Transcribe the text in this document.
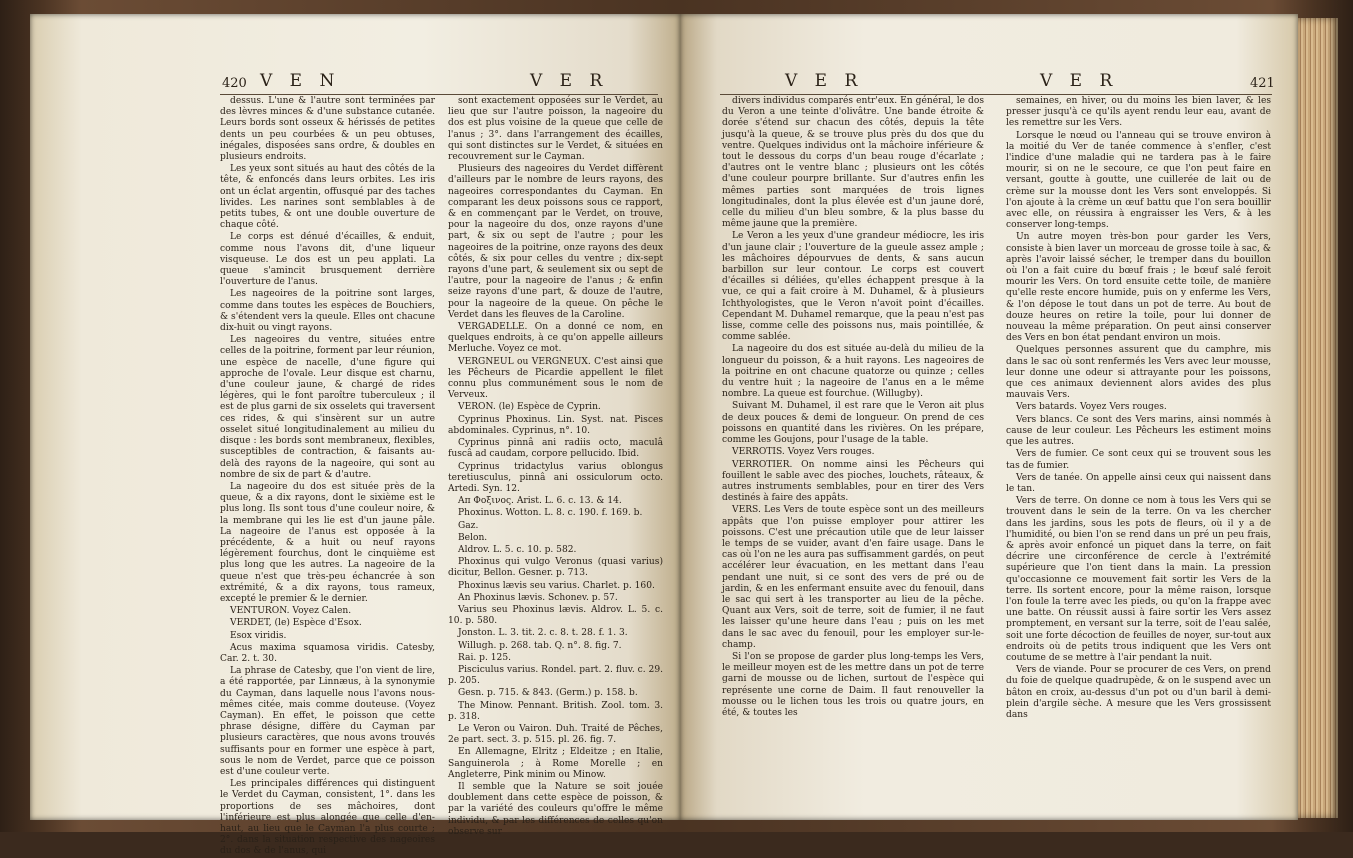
420 V E N	V E R

dessus. L'une & l'autre sont terminées par des lèvres minces & d'une substance cutanée. Leurs bords sont osseux & hérissés de petites dents un peu courbées & un peu obtuses, inégales, disposées sans ordre, & doubles en plusieurs endroits.

Les yeux sont situés au haut des côtés de la tête, & enfoncés dans leurs orbites. Les iris ont un éclat argentin, offusqué par des taches livides. Les narines sont semblables à de petits tubes, & ont une double ouverture de chaque côté.

Le corps est dénué d'écailles, & enduit, comme nous l'avons dit, d'une liqueur visqueuse. Le dos est un peu applati. La queue s'amincit brusquement derrière l'ouverture de l'anus.

Les nageoires de la poitrine sont larges, comme dans toutes les espèces de Bouchiers, & s'étendent vers la queule. Elles ont chacune dix-huit ou vingt rayons.

Les nageoires du ventre, situées entre celles de la poitrine, forment par leur réunion, une espèce de nacelle, d'une figure qui approche de l'ovale. Leur disque est charnu, d'une couleur jaune, & chargé de rides légères, qui le font paroître tuberculeux ; il est de plus garni de six osselets qui traversent ces rides, & qui s'insèrent sur un autre osselet situé longitudinalement au milieu du disque : les bords sont membraneux, flexibles, susceptibles de contraction, & faisants au-delà des rayons de la nageoire, qui sont au nombre de six de part & d'autre.

La nageoire du dos est située près de la queue, & a dix rayons, dont le sixième est le plus long. Ils sont tous d'une couleur noire, & la membrane qui les lie est d'un jaune pâle. La nageoire de l'anus est opposée à la précédente, & a huit ou neuf rayons légèrement fourchus, dont le cinquième est plus long que les autres. La nageoire de la queue n'est que très-peu échancrée à son extrémité, & a dix rayons, tous rameux, excepté le premier & le dernier.

VENTURON. Voyez Calen.

VERDET, (le) Espèce d'Esox.

Esox viridis.

Acus maxima squamosa viridis. Catesby, Car. 2. t. 30.

La phrase de Catesby, que l'on vient de lire, a été rapportée, par Linnæus, à la synonymie du Cayman, dans laquelle nous l'avons nous-mêmes citée, mais comme douteuse. (Voyez Cayman). En effet, le poisson que cette phrase désigne, diffère du Cayman par plusieurs caractères, que nous avons trouvés suffisants pour en former une espèce à part, sous le nom de Verdet, parce que ce poisson est d'une couleur verte.

Les principales différences qui distinguent le Verdet du Cayman, consistent, 1°. dans les proportions de ses mâchoires, dont l'inférieure est plus alongée que celle d'en-haut, au lieu que le Cayman l'a plus courte ; 2°. dans la situation respective des nageoires du dos & de l'anus, qui

sont exactement opposées sur le Verdet, au lieu que sur l'autre poisson, la nageoire du dos est plus voisine de la queue que celle de l'anus ; 3°. dans l'arrangement des écailles, qui sont distinctes sur le Verdet, & situées en recouvrement sur le Cayman.

Plusieurs des nageoires du Verdet diffèrent d'ailleurs par le nombre de leurs rayons, des nageoires correspondantes du Cayman. En comparant les deux poissons sous ce rapport, & en commençant par le Verdet, on trouve, pour la nageoire du dos, onze rayons d'une part, & six ou sept de l'autre ; pour les nageoires de la poitrine, onze rayons des deux côtés, & six pour celles du ventre ; dix-sept rayons d'une part, & seulement six ou sept de l'autre, pour la nageoire de l'anus ; & enfin seize rayons d'une part, & douze de l'autre, pour la nageoire de la queue. On pêche le Verdet dans les fleuves de la Caroline.

VERGADELLE. On a donné ce nom, en quelques endroits, à ce qu'on appelle ailleurs Merluche. Voyez ce mot.

VERGNEUL ou VERGNEUX. C'est ainsi que les Pêcheurs de Picardie appellent le filet connu plus communément sous le nom de Verveux.

VERON. (le) Espèce de Cyprin.

Cyprinus Phoxinus. Lin. Syst. nat. Pisces abdominales. Cyprinus, n°. 10.

Cyprinus pinnâ ani radiis octo, maculâ fuscâ ad caudam, corpore pellucido. Ibid.

Cyprinus tridactylus varius oblongus teretiusculus, pinnâ ani ossiculorum octo. Artedi. Syn. 12.

Aπ Φοξινος. Arist. L. 6. c. 13. & 14.

Phoxinus. Wotton. L. 8. c. 190. f. 169. b.

Gaz.

Belon.

Aldrov. L. 5. c. 10. p. 582.

Phoxinus qui vulgo Veronus (quasi varius) dicitur, Bellon. Gesner. p. 713.

Phoxinus lævis seu varius. Charlet. p. 160.

An Phoxinus lævis. Schonev. p. 57.

Varius seu Phoxinus lævis. Aldrov. L. 5. c. 10. p. 580.

Jonston. L. 3. tit. 2. c. 8. t. 28. f. 1. 3.

Willugh. p. 268. tab. Q. n°. 8. fig. 7.

Rai. p. 125.

Pisciculus varius. Rondel. part. 2. fluv. c. 29. p. 205.

Gesn. p. 715. & 843. (Germ.) p. 158. b.

The Minow. Pennant. British. Zool. tom. 3. p. 318.

Le Veron ou Vairon. Duh. Traité de Pêches, 2e part. sect. 3. p. 515. pl. 26. fig. 7.

En Allemagne, Elritz ; Eldeitze ; en Italie, Sanguinerola ; à Rome Morelle ; en Angleterre, Pink minim ou Minow.

Il semble que la Nature se soit jouée doublement dans cette espèce de poisson, & par la variété des couleurs qu'offre le même individu, & par les différences de celles qu'on observe sur

V E R	V E R	421

divers individus comparés entr'eux. En général, le dos du Veron a une teinte d'olivâtre. Une bande étroite & dorée s'étend sur chacun des côtés, depuis la tête jusqu'à la queue, & se trouve plus près du dos que du ventre. Quelques individus ont la mâchoire inférieure & tout le dessous du corps d'un beau rouge d'écarlate ; d'autres ont le ventre blanc ; plusieurs ont les côtés d'une couleur pourpre brillante. Sur d'autres enfin les mêmes parties sont marquées de trois lignes longitudinales, dont la plus élevée est d'un jaune doré, celle du milieu d'un bleu sombre, & la plus basse du même jaune que la première.

Le Veron a les yeux d'une grandeur médiocre, les iris d'un jaune clair ; l'ouverture de la gueule assez ample ; les mâchoires dépourvues de dents, & sans aucun barbillon sur leur contour. Le corps est couvert d'écailles si déliées, qu'elles échappent presque à la vue, ce qui a fait croire à M. Duhamel, & à plusieurs Ichthyologistes, que le Veron n'avoit point d'écailles. Cependant M. Duhamel remarque, que la peau n'est pas lisse, comme celle des poissons nus, mais pointillée, & comme sablée.

La nageoire du dos est située au-delà du milieu de la longueur du poisson, & a huit rayons. Les nageoires de la poitrine en ont chacune quatorze ou quinze ; celles du ventre huit ; la nageoire de l'anus en a le même nombre. La queue est fourchue. (Willugby).

Suivant M. Duhamel, il est rare que le Veron ait plus de deux pouces & demi de longueur. On prend de ces poissons en quantité dans les rivières. On les prépare, comme les Goujons, pour l'usage de la table.

VERROTIS. Voyez Vers rouges.

VERROTIER. On nomme ainsi les Pêcheurs qui fouillent le sable avec des pioches, louchets, râteaux, & autres instruments semblables, pour en tirer des Vers destinés à faire des appâts.

VERS. Les Vers de toute espèce sont un des meilleurs appâts que l'on puisse employer pour attirer les poissons. C'est une précaution utile que de leur laisser le temps de se vuider, avant d'en faire usage. Dans le cas où l'on ne les aura pas suffisamment gardés, on peut accélérer leur évacuation, en les mettant dans l'eau pendant une nuit, si ce sont des vers de pré ou de jardin, & en les enfermant ensuite avec du fenouil, dans le sac qui sert à les transporter au lieu de la pêche. Quant aux Vers, soit de terre, soit de fumier, il ne faut les laisser qu'une heure dans l'eau ; puis on les met dans le sac avec du fenouil, pour les employer sur-le-champ.

Si l'on se propose de garder plus long-temps les Vers, le meilleur moyen est de les mettre dans un pot de terre garni de mousse ou de lichen, surtout de l'espèce qui représente une corne de Daim. Il faut renouveller la mousse ou le lichen tous les trois ou quatre jours, en été, & toutes les

semaines, en hiver, ou du moins les bien laver, & les presser jusqu'à ce qu'ils ayent rendu leur eau, avant de les remettre sur les Vers.

Lorsque le nœud ou l'anneau qui se trouve environ à la moitié du Ver de tanée commence à s'enfler, c'est l'indice d'une maladie qui ne tardera pas à le faire mourir, si on ne le secoure, ce que l'on peut faire en versant, goutte à goutte, une cuillerée de lait ou de crème sur la mousse dont les Vers sont enveloppés. Si l'on ajoute à la crème un œuf battu que l'on sera bouillir avec elle, on réussira à engraisser les Vers, & à les conserver long-temps.

Un autre moyen très-bon pour garder les Vers, consiste à bien laver un morceau de grosse toile à sac, & après l'avoir laissé sécher, le tremper dans du bouillon où l'on a fait cuire du bœuf frais ; le bœuf salé feroit mourir les Vers. On tord ensuite cette toile, de manière qu'elle reste encore humide, puis on y enferme les Vers, & l'on dépose le tout dans un pot de terre. Au bout de douze heures on retire la toile, pour lui donner de nouveau la même préparation. On peut ainsi conserver des Vers en bon état pendant environ un mois.

Quelques personnes assurent que du camphre, mis dans le sac où sont renfermés les Vers avec leur mousse, leur donne une odeur si attrayante pour les poissons, que ces animaux deviennent alors avides des plus mauvais Vers.

Vers batards. Voyez Vers rouges.

Vers blancs. Ce sont des Vers marins, ainsi nommés à cause de leur couleur. Les Pêcheurs les estiment moins que les autres.

Vers de fumier. Ce sont ceux qui se trouvent sous les tas de fumier.

Vers de tanée. On appelle ainsi ceux qui naissent dans le tan.

Vers de terre. On donne ce nom à tous les Vers qui se trouvent dans le sein de la terre. On va les chercher dans les jardins, sous les pots de fleurs, où il y a de l'humidité, ou bien l'on se rend dans un pré un peu frais, & après avoir enfoncé un piquet dans la terre, on fait décrire une circonférence de cercle à l'extrémité supérieure que l'on tient dans la main. La pression qu'occasionne ce mouvement fait sortir les Vers de la terre. Ils sortent encore, pour la même raison, lorsque l'on foule la terre avec les pieds, ou qu'on la frappe avec une batte. On réussit aussi à faire sortir les Vers assez promptement, en versant sur la terre, soit de l'eau salée, soit une forte décoction de feuilles de noyer, sur-tout aux endroits où de petits trous indiquent que les Vers ont coutume de se mettre à l'air pendant la nuit.

Vers de viande. Pour se procurer de ces Vers, on prend du foie de quelque quadrupède, & on le suspend avec un bâton en croix, au-dessus d'un pot ou d'un baril à demi-plein d'argile sèche. A mesure que les Vers grossissent dans
